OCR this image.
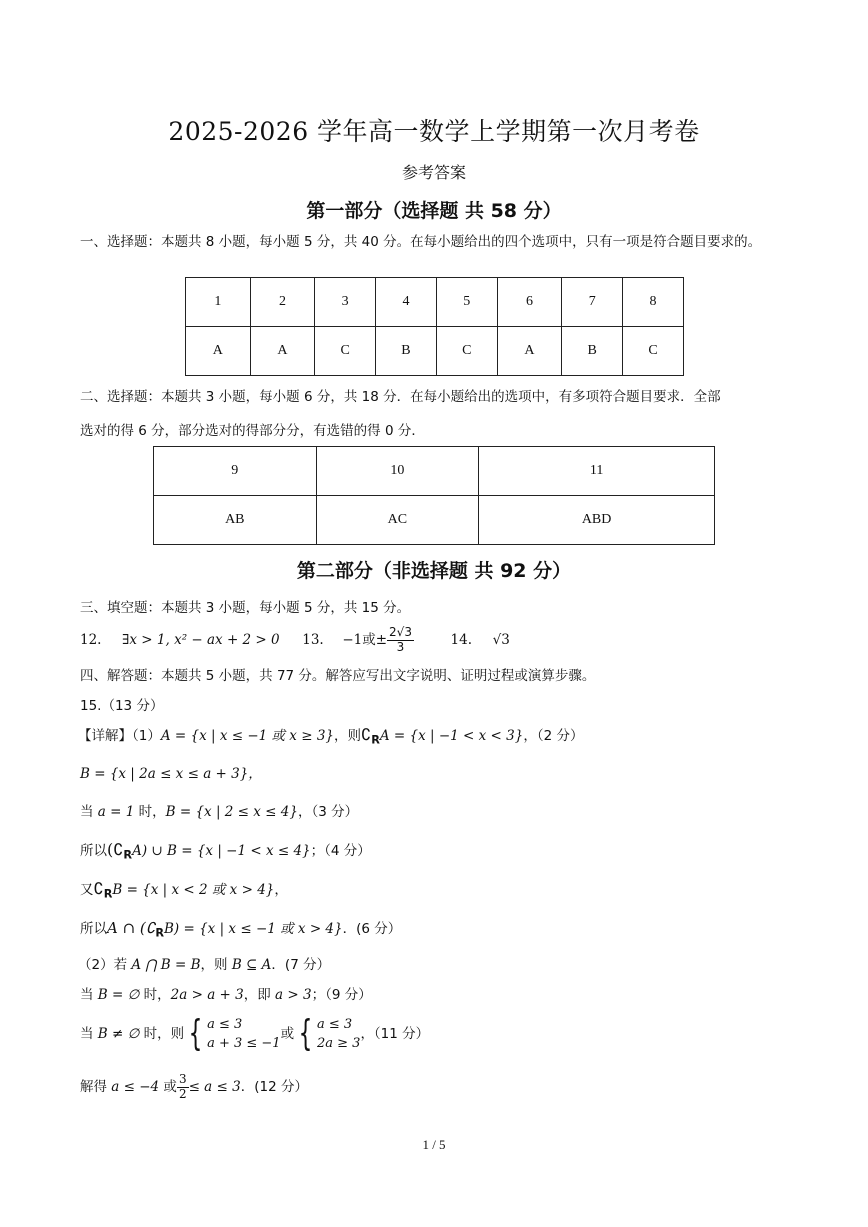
2025-2026 学年高一数学上学期第一次月考卷
参考答案
第一部分（选择题 共 58 分）
一、选择题：本题共 8 小题，每小题 5 分，共 40 分。在每小题给出的四个选项中，只有一项是符合题目要求的。
1	2	3	4	5	6	7	8
A	A	C	B	C	A	B	C
二、选择题：本题共 3 小题，每小题 6 分，共 18 分．在每小题给出的选项中，有多项符合题目要求．全部
选对的得 6 分，部分选对的得部分分，有选错的得 0 分．
9	10	11
AB	AC	ABD
第二部分（非选择题 共 92 分）
三、填空题：本题共 3 小题，每小题 5 分，共 15 分。
12. ∃x > 1, x² − ax + 2 > 0 13. −1或± $\frac{2√3}{3}$	14. √3
四、解答题：本题共 5 小题，共 77 分。解答应写出文字说明、证明过程或演算步骤。
15.（13 分）
【详解】（1）A = {x | x ≤ −1 或 x ≥ 3}，则$∁_RA = \{x$ | −1 < x < 3}，（2 分）
B = {x | 2a ≤ x ≤ a + 3}，
当 a = 1 时，B = {x | 2 ≤ x ≤ 4}，（3 分）
所以$(∁_RA)$ ∪ B = {x | −1 < x ≤ 4}；（4 分）
又$∁_RB = \{x$ | x < 2 或 x > 4}，
所以A ∩ $(∁_RB) = \{x$ | x ≤ −1 或 x > 4}．(6 分）
（2）若 A ⋂ B = B，则 B ⊆ A．(7 分）
当 B = ∅ 时，2a > a + 3，即 a > 3；（9 分）
当 B ≠ ∅ 时，则 { a ≤ 3
a + 3 ≤ −1
或 { a ≤ 3
2a ≥ 3
，（11 分）
解得 a ≤ −4 或 $\frac{3}{2} \le a \le 3$．(12 分）
1 / 5
